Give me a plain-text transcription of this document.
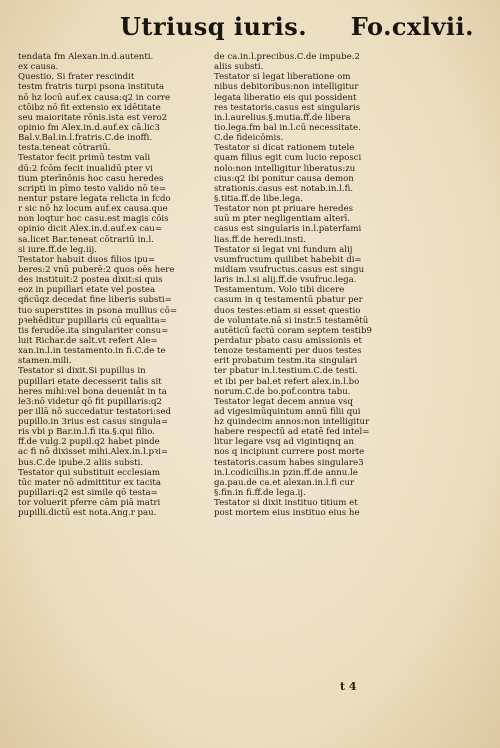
Utriusq iuris. Fo.cxlvii.
tendata fm Alexan.in.d.autenti.
ex causa.
Questio. Si frater rescindit
testm fratris turpi psona instituta
nō hz locū auf.ex causa:q2 in corre
ctōibz nō fit extensio ex idētitate
seu maioritate rōnis.ista est vero2
opinio fm Alex.in.d.auf.ex cā.lic3
Bal.v.Bal.in.l.fratris.C.de inoffi.
testa.teneat cōtrariū.
Testator fecit primū testm vali
dū:2 fcōm fecit inualidū pter vi
tium pterīnōnis hoc casu heredes
scripti in pīmo testo valido nō te=
nentur pstare legata relicta in fcdo
r sic nō hz locum auf.ex causa.que
non loqtur hoc casu.est magis cōis
opinio dicit Alex.in.d.auf.ex cau=
sa.licet Bar.teneat cōtrariū in.l.
si iure.ff.de leg.iij.
Testator habuit duos filios ipu=
beres:2 vnū puberē:2 quos oēs here
des instituit:2 postea dixit:si quis
eoz in pupillari etate vel postea
qñcūqz decedat fine liberis substi=
tuo superstites in psona mullius cō=
pꝛehēditur pupillaris cū equalita=
tis ferudōe.ita singulariter consu=
luit Richar.de salt.vt refert Ale=
xan.in.l.in testamento.in fi.C.de te
stamen.mili.
Testator si dixit.Si pupillus in
pupillari etate decesserit talis sit
heres mihi:vel bona deueniāt in ta
le3:nō videtur qō fit pupillaris:q2
per illā nō succedatur testatori:sed
pupillo.in 3rius est casus singula=
ris vbi p Bar.in.l.fi ita.§.qui filio.
ff.de vulg.2 pupil.q2 habet pinde
ac fi nō dixisset mihi.Alex.in.l.pꝛi=
bus.C.de ipube.2 aliis substi.
Testator qui substituit ecclesiam
tūc mater nō admittitur ex tacita
pupillari:q2 est simile qō testa=
tor voluerit pferre cām piā matri
pupilli.dictū est nota.Ang.r pau.
de ca.in.l.precibus.C.de impube.2
aliis substi.
Testator si legat liberatione om
nibus debitoribus:non intelligitur
legata liberatio eis qui possident
res testatoris.casus est singularis
in.l.aurelius.§.mutia.ff.de libera
tio.lega.fm bal in.l.cū necessitate.
C.de fideicōmis.
Testator si dicat rationem tutele
quam filius egit cum lucio reposci
nolo:non intelligitur liberatus:zu
cius:q2 ibi ponitur causa demon
strationis.casus est notab.in.l.fi.
§.titia.ff.de libe.lega.
Testator non pt priuare heredes
suū m pter negligentiam alterī.
casus est singularis in.l.paterfami
lias.ff.de heredi.insti.
Testator si legat vni fundum alij
vsumfructum quilibet habebit di=
midiam vsufructus.casus est singu
laris in.l.si alij.ff.de vsufruc.lega.
Testamentum. Volo tibi dicere
casum in q testamentū pbatur per
duos testes:etiam si esset questio
de voluntate.nā si instr.5 testamētū
autēticū factū coram septem testib9
perdatur pbato casu amissionis et
tenoze testamenti per duos testes
erit probatum testm.ita singulari
ter pbatur in.l.testium.C.de testi.
et ibi per bal.et refert alex.in.l.bo
norum.C.de bo.pof.contra tabu.
Testator legat decem annua vsq
ad vigesimūquintum annū filii qui
hz quindecim annos:non intelligitur
habere respectū ad etatē fed intel=
litur legare vsq ad vigintiqnq an
nos q incipiunt currere post morte
testatoris.casum habes singulare3
in.l.codicillis.in pzin.ff.de annu.le
ga.pau.de ca.et alexan.in.l.fi cur
§.fin.in fi.ff.de lega.ij.
Testator si dixit instituo titium et
post mortem eius instituo eius he
t 4
